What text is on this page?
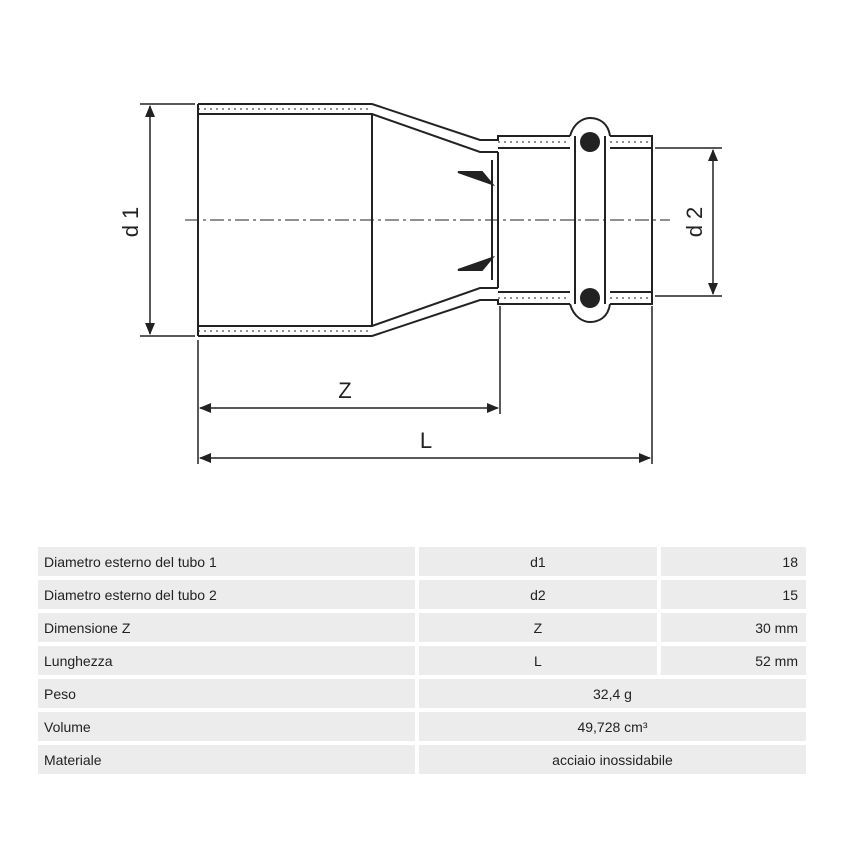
d 1	d 2
Z
L
Diametro esterno del tubo 1	d1	18
Diametro esterno del tubo 2	d2	15
Dimensione Z	Z	30 mm
Lunghezza	L	52 mm
Peso	32,4 g	
Volume	49,728 cm³	
Materiale	acciaio inossidabile	
